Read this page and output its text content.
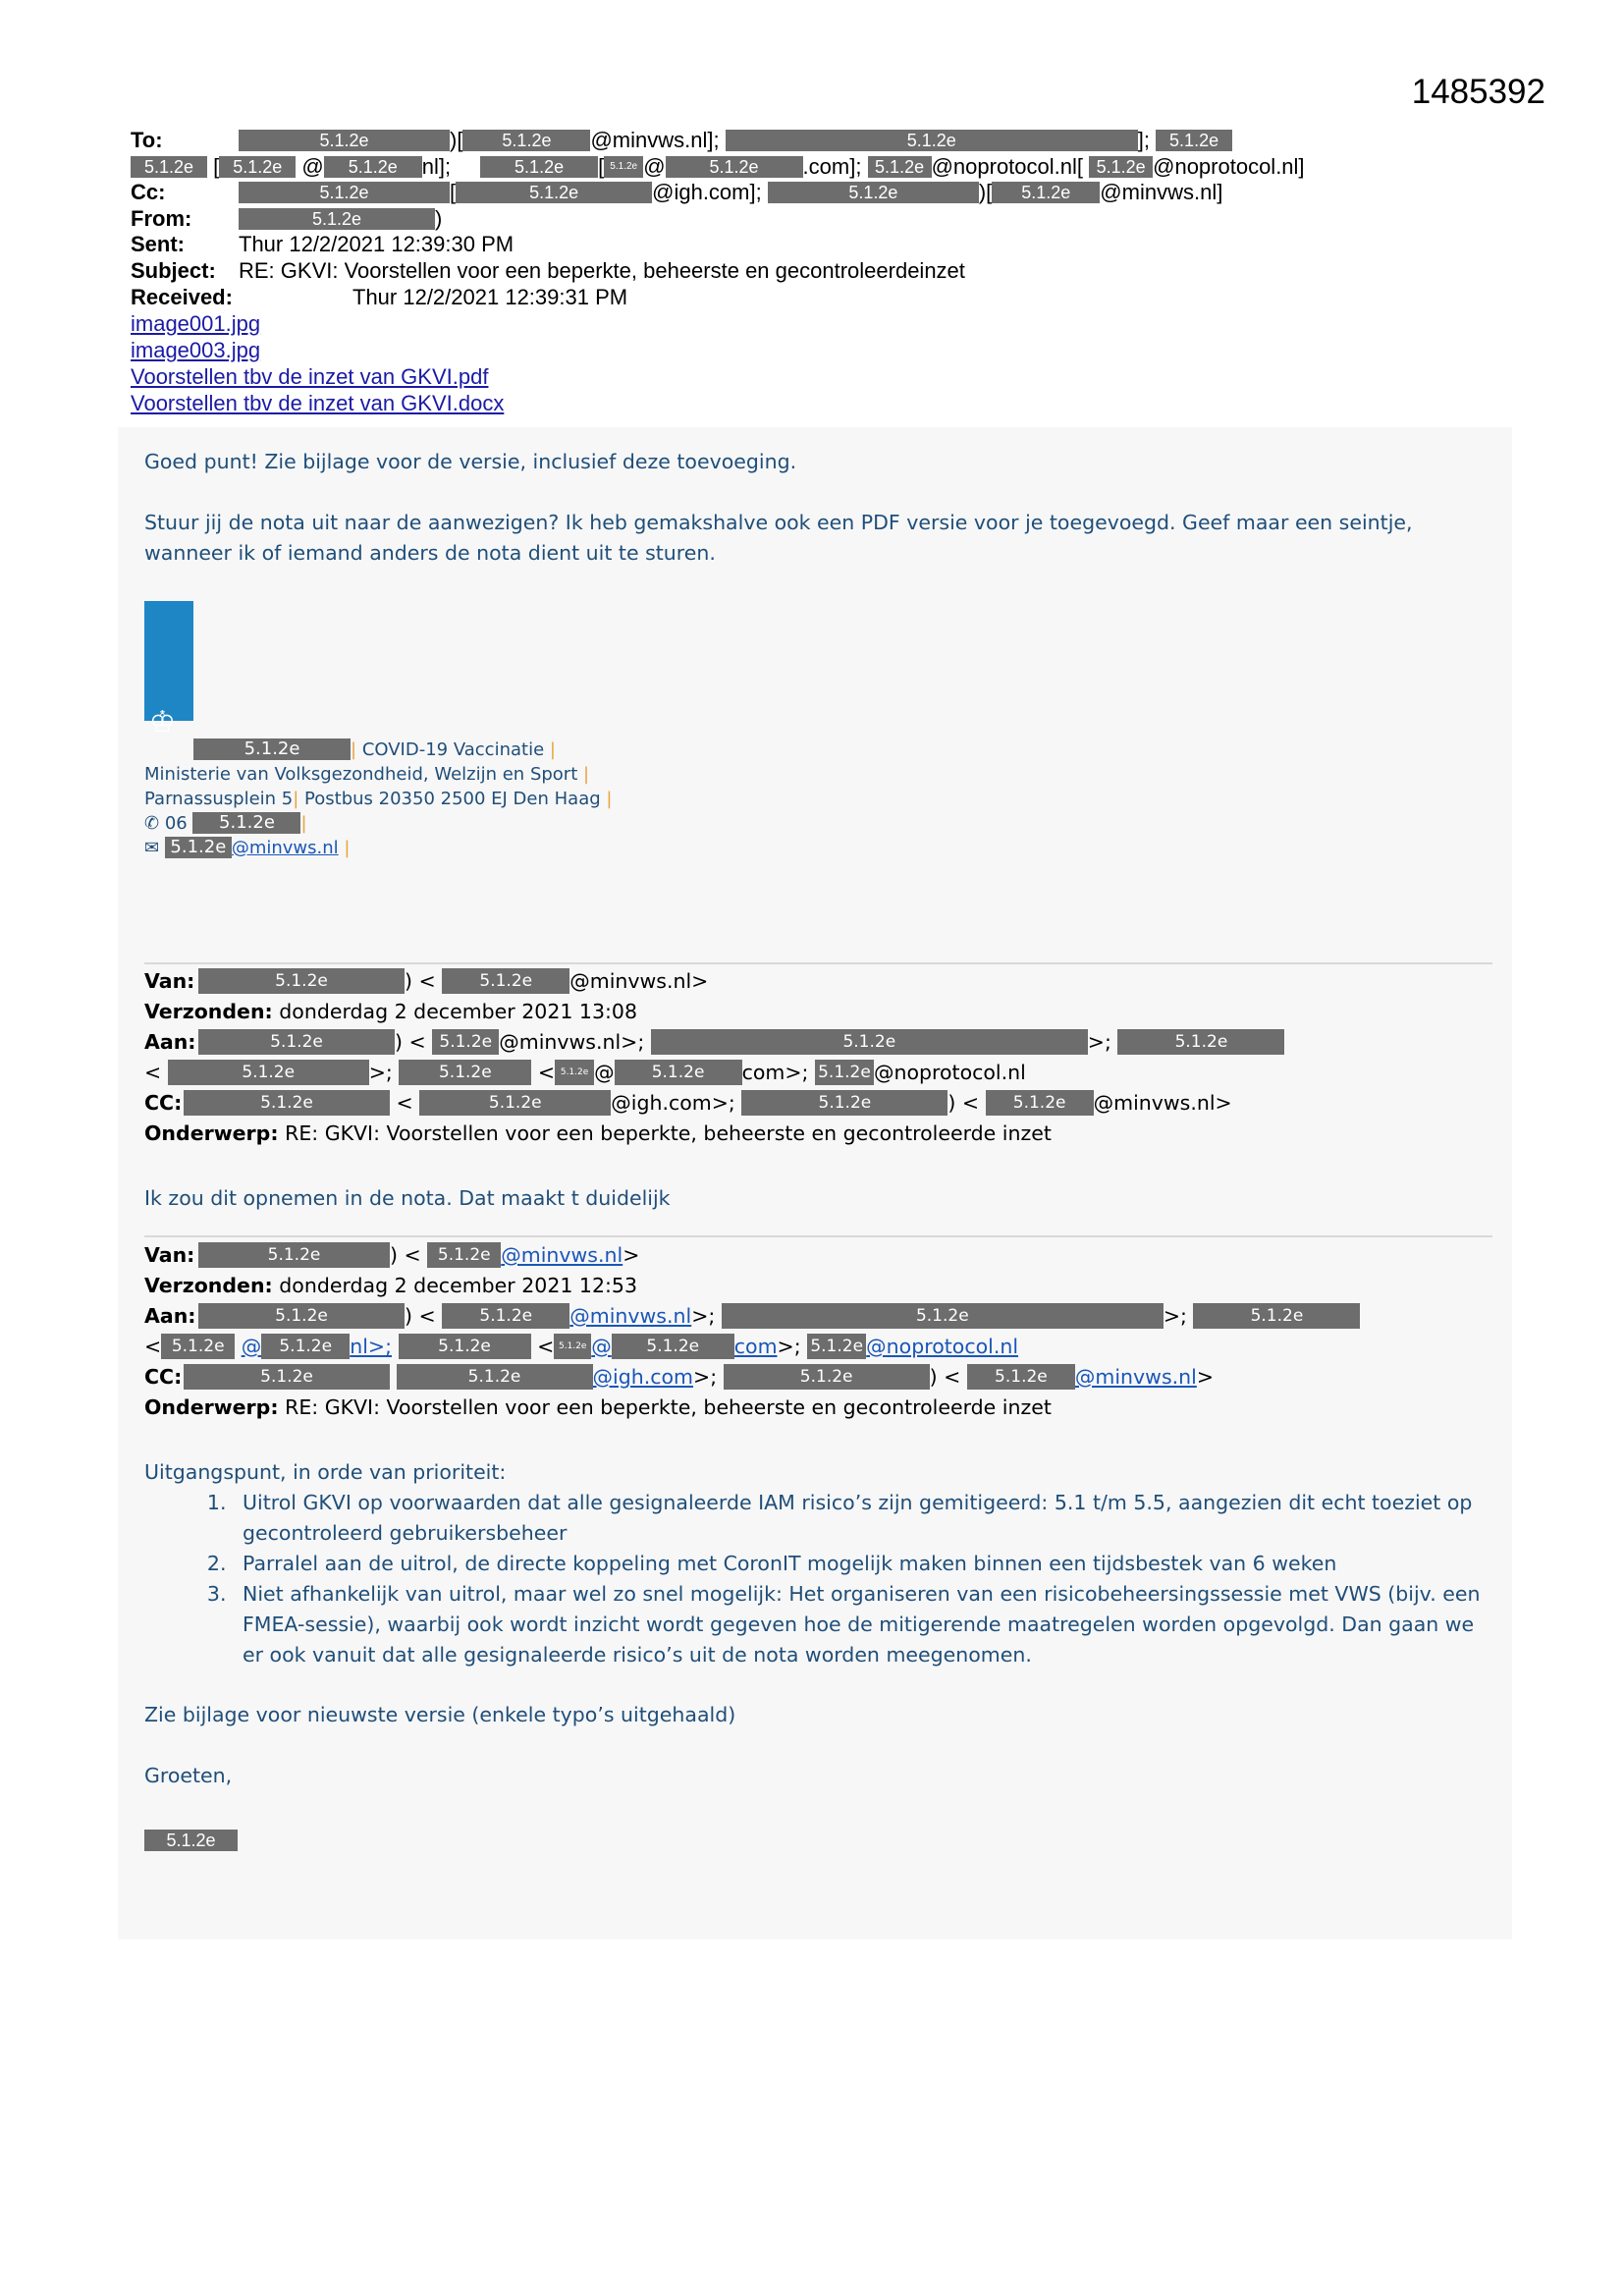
1485392
To:	5.1.2e	)[ 5.1.2e @minvws.nl];	5.1.2e	]; 5.1.2e
5.1.2e [ 5.1.2e @ 5.1.2e nl];	5.1.2e [ 5.1.2e @ 5.1.2e .com]; 5.1.2e @noprotocol.nl[ 5.1.2e @noprotocol.nl]
Cc:	5.1.2e	[	5.1.2e	@igh.com];	5.1.2e	)[ 5.1.2e @minvws.nl]
From:	5.1.2e	)
Sent:	Thur 12/2/2021 12:39:30 PM
Subject: RE: GKVI: Voorstellen voor een beperkte, beheerste en gecontroleerdeinzet
Received:	Thur 12/2/2021 12:39:31 PM
image001.jpg
image003.jpg
Voorstellen tbv de inzet van GKVI.pdf
Voorstellen tbv de inzet van GKVI.docx

Goed punt! Zie bijlage voor de versie, inclusief deze toevoeging.

Stuur jij de nota uit naar de aanwezigen? Ik heb gemakshalve ook een PDF versie voor je toegevoegd. Geef maar een seintje, wanneer ik of iemand anders de nota dient uit te sturen.

♔
5.1.2e	| COVID-19 Vaccinatie |
Ministerie van Volksgezondheid, Welzijn en Sport |
Parnassusplein 5| Postbus 20350 2500 EJ Den Haag |
✆ 06 5.1.2e |
✉ 5.1.2e @minvws.nl |
Van:	5.1.2e	) <	5.1.2e @minvws.nl>
Verzonden: donderdag 2 december 2021 13:08
Aan:	5.1.2e	) < 5.1.2e @minvws.nl>;	5.1.2e	>;	5.1.2e
<	5.1.2e	>;	5.1.2e < 5.1.2e @ 5.1.2e com>; 5.1.2e @noprotocol.nl
CC:	5.1.2e	<	5.1.2e	@igh.com>;	5.1.2e	) < 5.1.2e @minvws.nl>
Onderwerp: RE: GKVI: Voorstellen voor een beperkte, beheerste en gecontroleerde inzet

Ik zou dit opnemen in de nota. Dat maakt t duidelijk

Van:	5.1.2e	) < 5.1.2e @minvws.nl>
Verzonden: donderdag 2 december 2021 12:53
Aan:	5.1.2e	) <	5.1.2e @minvws.nl>;	5.1.2e	>;	5.1.2e
< 5.1.2e @ 5.1.2e nl>;	5.1.2e < 5.1.2e @ 5.1.2e com>; 5.1.2e @noprotocol.nl
CC:	5.1.2e	5.1.2e	@igh.com>;	5.1.2e	) < 5.1.2e @minvws.nl>
Onderwerp: RE: GKVI: Voorstellen voor een beperkte, beheerste en gecontroleerde inzet

Uitgangspunt, in orde van prioriteit:

1. Uitrol GKVI op voorwaarden dat alle gesignaleerde IAM risico’s zijn gemitigeerd: 5.1 t/m 5.5, aangezien dit echt toeziet op gecontroleerd gebruikersbeheer
2. Parralel aan de uitrol, de directe koppeling met CoronIT mogelijk maken binnen een tijdsbestek van 6 weken
3. Niet afhankelijk van uitrol, maar wel zo snel mogelijk: Het organiseren van een risicobeheersingssessie met VWS (bijv. een FMEA-sessie), waarbij ook wordt inzicht wordt gegeven hoe de mitigerende maatregelen worden opgevolgd. Dan gaan we er ook vanuit dat alle gesignaleerde risico’s uit de nota worden meegenomen.

Zie bijlage voor nieuwste versie (enkele typo’s uitgehaald)

Groeten,

5.1.2e
